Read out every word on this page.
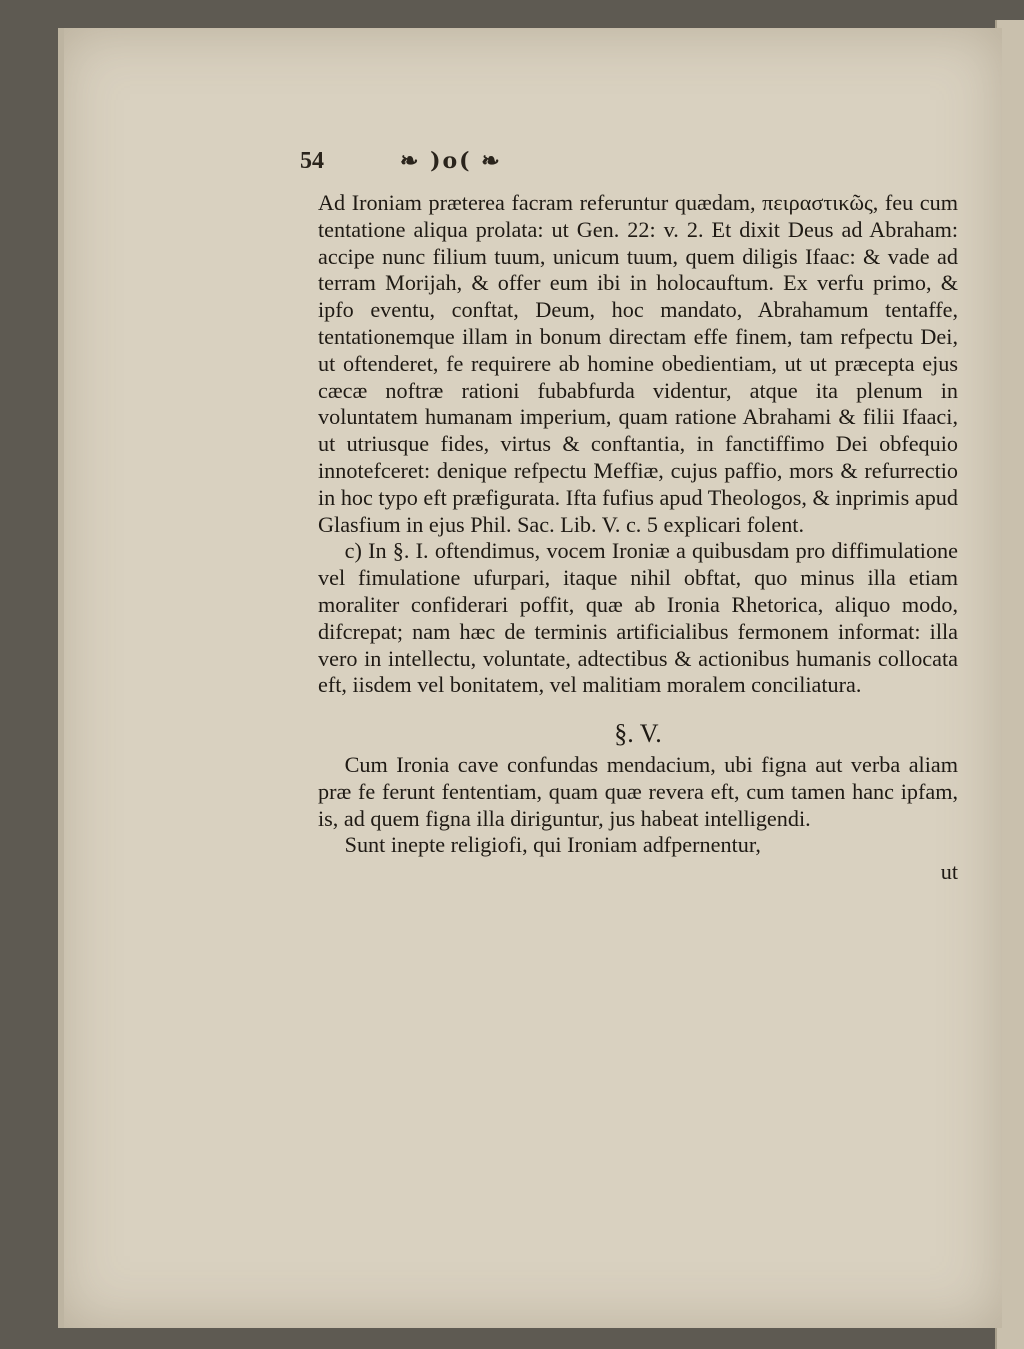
54	❧ )o( ❧

Ad Ironiam præterea facram referuntur quædam, πειραστικῶς, feu cum tentatione aliqua prolata: ut Gen. 22: v. 2. Et dixit Deus ad Abraham: accipe nunc filium tuum, unicum tuum, quem diligis Ifaac: & vade ad terram Morijah, & offer eum ibi in holocauftum. Ex verfu primo, & ipfo eventu, conftat, Deum, hoc mandato, Abrahamum tentaffe, tentationemque illam in bonum directam effe finem, tam refpectu Dei, ut oftenderet, fe requirere ab homine obedientiam, ut ut præcepta ejus cæcæ noftræ rationi fubabfurda videntur, atque ita plenum in voluntatem humanam imperium, quam ratione Abrahami & filii Ifaaci, ut utriusque fides, virtus & conftantia, in fanctiffimo Dei obfequio innotefceret: denique refpectu Meffiæ, cujus paffio, mors & refurrectio in hoc typo eft præfigurata. Ifta fufius apud Theologos, & inprimis apud Glasfium in ejus Phil. Sac. Lib. V. c. 5 explicari folent.

c) In §. I. oftendimus, vocem Ironiæ a quibusdam pro diffimulatione vel fimulatione ufurpari, itaque nihil obftat, quo minus illa etiam moraliter confiderari poffit, quæ ab Ironia Rhetorica, aliquo modo, difcrepat; nam hæc de terminis artificialibus fermonem informat: illa vero in intellectu, voluntate, adtectibus & actionibus humanis collocata eft, iisdem vel bonitatem, vel malitiam moralem conciliatura.

§. V.

Cum Ironia cave confundas mendacium, ubi figna aut verba aliam præ fe ferunt fententiam, quam quæ revera eft, cum tamen hanc ipfam, is, ad quem figna illa diriguntur, jus habeat intelligendi.

Sunt inepte religiofi, qui Ironiam adfpernentur,

ut
